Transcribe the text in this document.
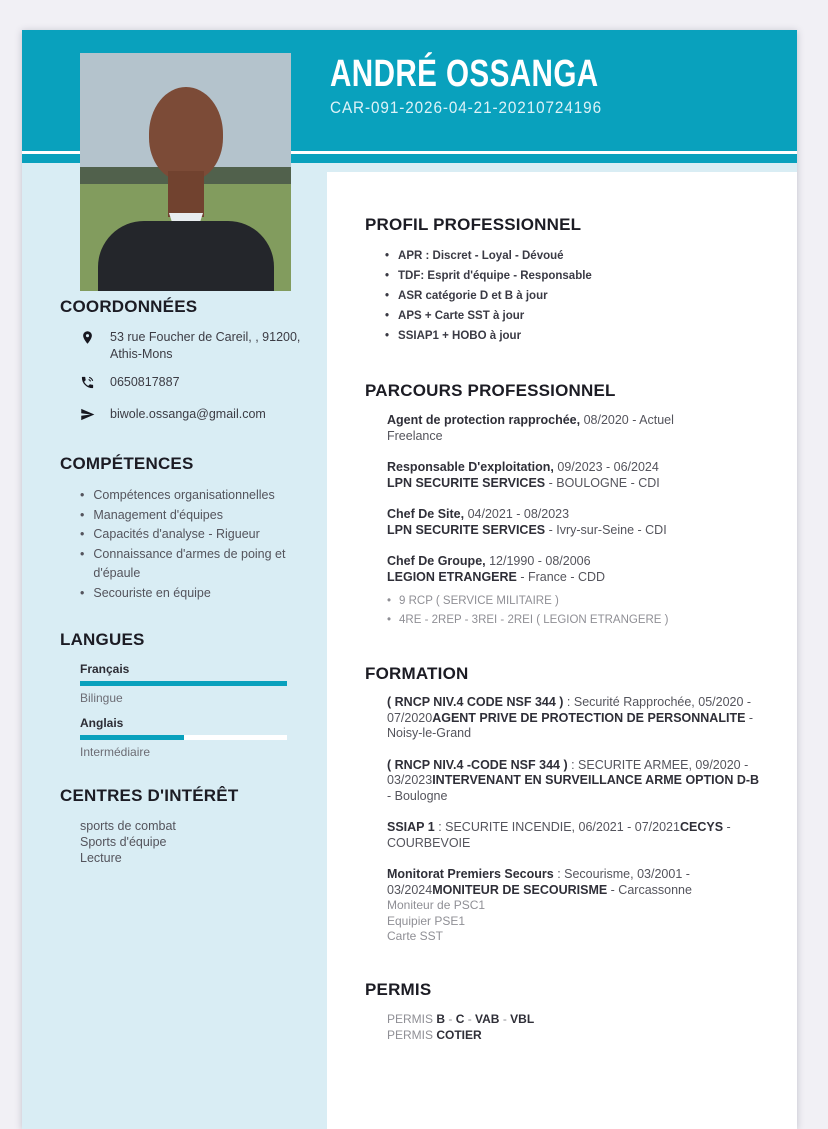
ANDRÉ OSSANGA
CAR-091-2026-04-21-20210724196
COORDONNÉES
53 rue Foucher de Careil, , 91200, Athis-Mons
0650817887
biwole.ossanga@gmail.com
COMPÉTENCES
• Compétences organisationnelles
• Management d'équipes
• Capacités d'analyse - Rigueur
• Connaissance d'armes de poing et d'épaule
• Secouriste en équipe
LANGUES
Français
Bilingue
Anglais
Intermédiaire
CENTRES D'INTÉRÊT
sports de combat
Sports d'équipe
Lecture
PROFIL PROFESSIONNEL
• APR : Discret - Loyal - Dévoué
• TDF: Esprit d'équipe - Responsable
• ASR catégorie D et B à jour
• APS + Carte SST à jour
• SSIAP1 + HOBO à jour
PARCOURS PROFESSIONNEL
Agent de protection rapprochée, 08/2020 - Actuel
Freelance
Responsable D'exploitation, 09/2023 - 06/2024
LPN SECURITE SERVICES - BOULOGNE - CDI
Chef De Site, 04/2021 - 08/2023
LPN SECURITE SERVICES - Ivry-sur-Seine - CDI
Chef De Groupe, 12/1990 - 08/2006
LEGION ETRANGERE - France - CDD
• 9 RCP ( SERVICE MILITAIRE )
• 4RE - 2REP - 3REI - 2REI ( LEGION ETRANGERE )
FORMATION
( RNCP NIV.4 CODE NSF 344 ) : Securité Rapprochée, 05/2020 - 07/2020AGENT PRIVE DE PROTECTION DE PERSONNALITE - Noisy-le-Grand
( RNCP NIV.4 -CODE NSF 344 ) : SECURITE ARMEE, 09/2020 - 03/2023INTERVENANT EN SURVEILLANCE ARME OPTION D-B - Boulogne
SSIAP 1 : SECURITE INCENDIE, 06/2021 - 07/2021CECYS - COURBEVOIE
Monitorat Premiers Secours : Secourisme, 03/2001 - 03/2024MONITEUR DE SECOURISME - Carcassonne
Moniteur de PSC1
Equipier PSE1
Carte SST
PERMIS
PERMIS B - C - VAB - VBL
PERMIS COTIER
